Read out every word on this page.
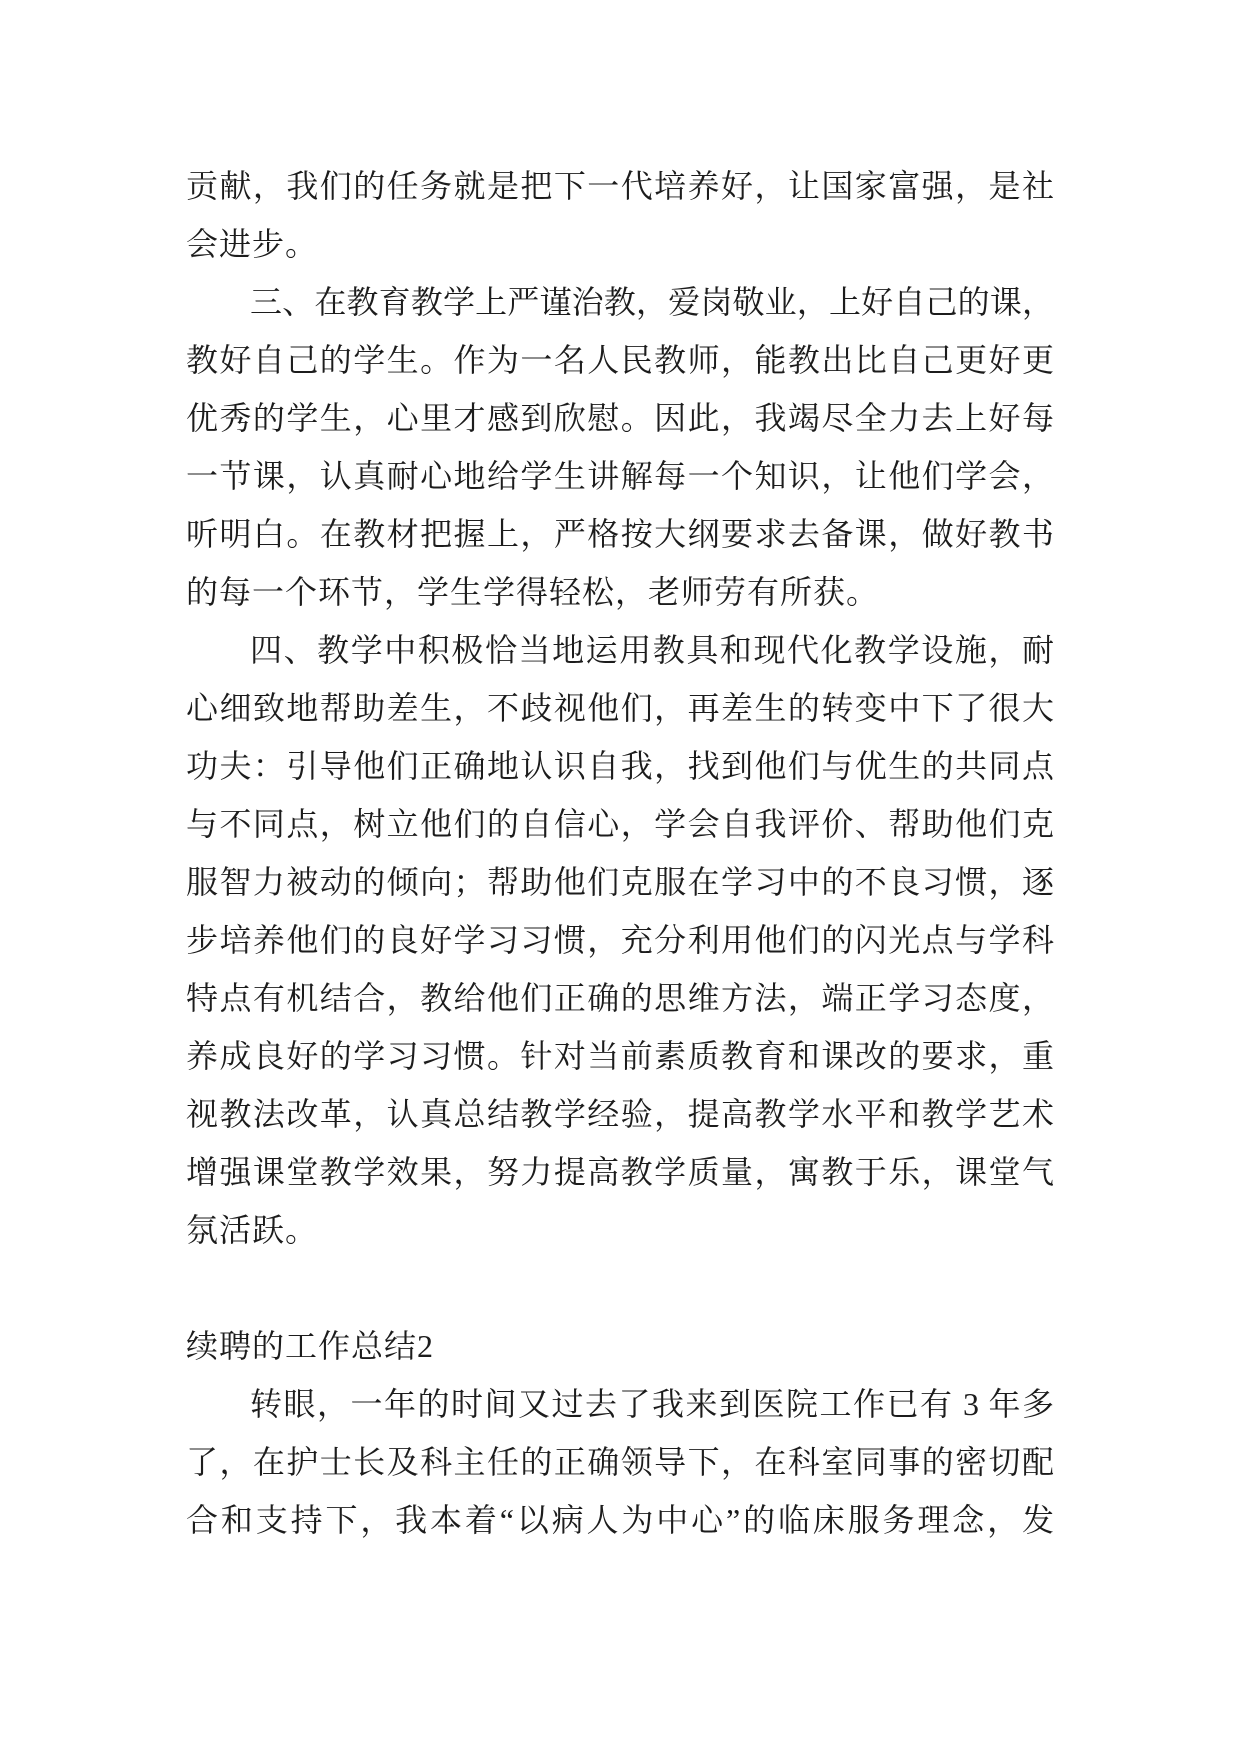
贡献，我们的任务就是把下一代培养好，让国家富强，是社
会进步。
三、在教育教学上严谨治教，爱岗敬业，上好自己的课，
教好自己的学生。作为一名人民教师，能教出比自己更好更
优秀的学生，心里才感到欣慰。因此，我竭尽全力去上好每
一节课，认真耐心地给学生讲解每一个知识，让他们学会，
听明白。在教材把握上，严格按大纲要求去备课，做好教书
的每一个环节，学生学得轻松，老师劳有所获。
四、教学中积极恰当地运用教具和现代化教学设施，耐
心细致地帮助差生，不歧视他们，再差生的转变中下了很大
功夫：引导他们正确地认识自我，找到他们与优生的共同点
与不同点，树立他们的自信心，学会自我评价、帮助他们克
服智力被动的倾向；帮助他们克服在学习中的不良习惯，逐
步培养他们的良好学习习惯，充分利用他们的闪光点与学科
特点有机结合，教给他们正确的思维方法，端正学习态度，
养成良好的学习习惯。针对当前素质教育和课改的要求，重
视教法改革，认真总结教学经验，提高教学水平和教学艺术
增强课堂教学效果，努力提高教学质量，寓教于乐，课堂气
氛活跃。
续聘的工作总结2
转眼，一年的时间又过去了我来到医院工作已有 3 年多
了，在护士长及科主任的正确领导下，在科室同事的密切配
合和支持下，我本着“以病人为中心”的临床服务理念，发
